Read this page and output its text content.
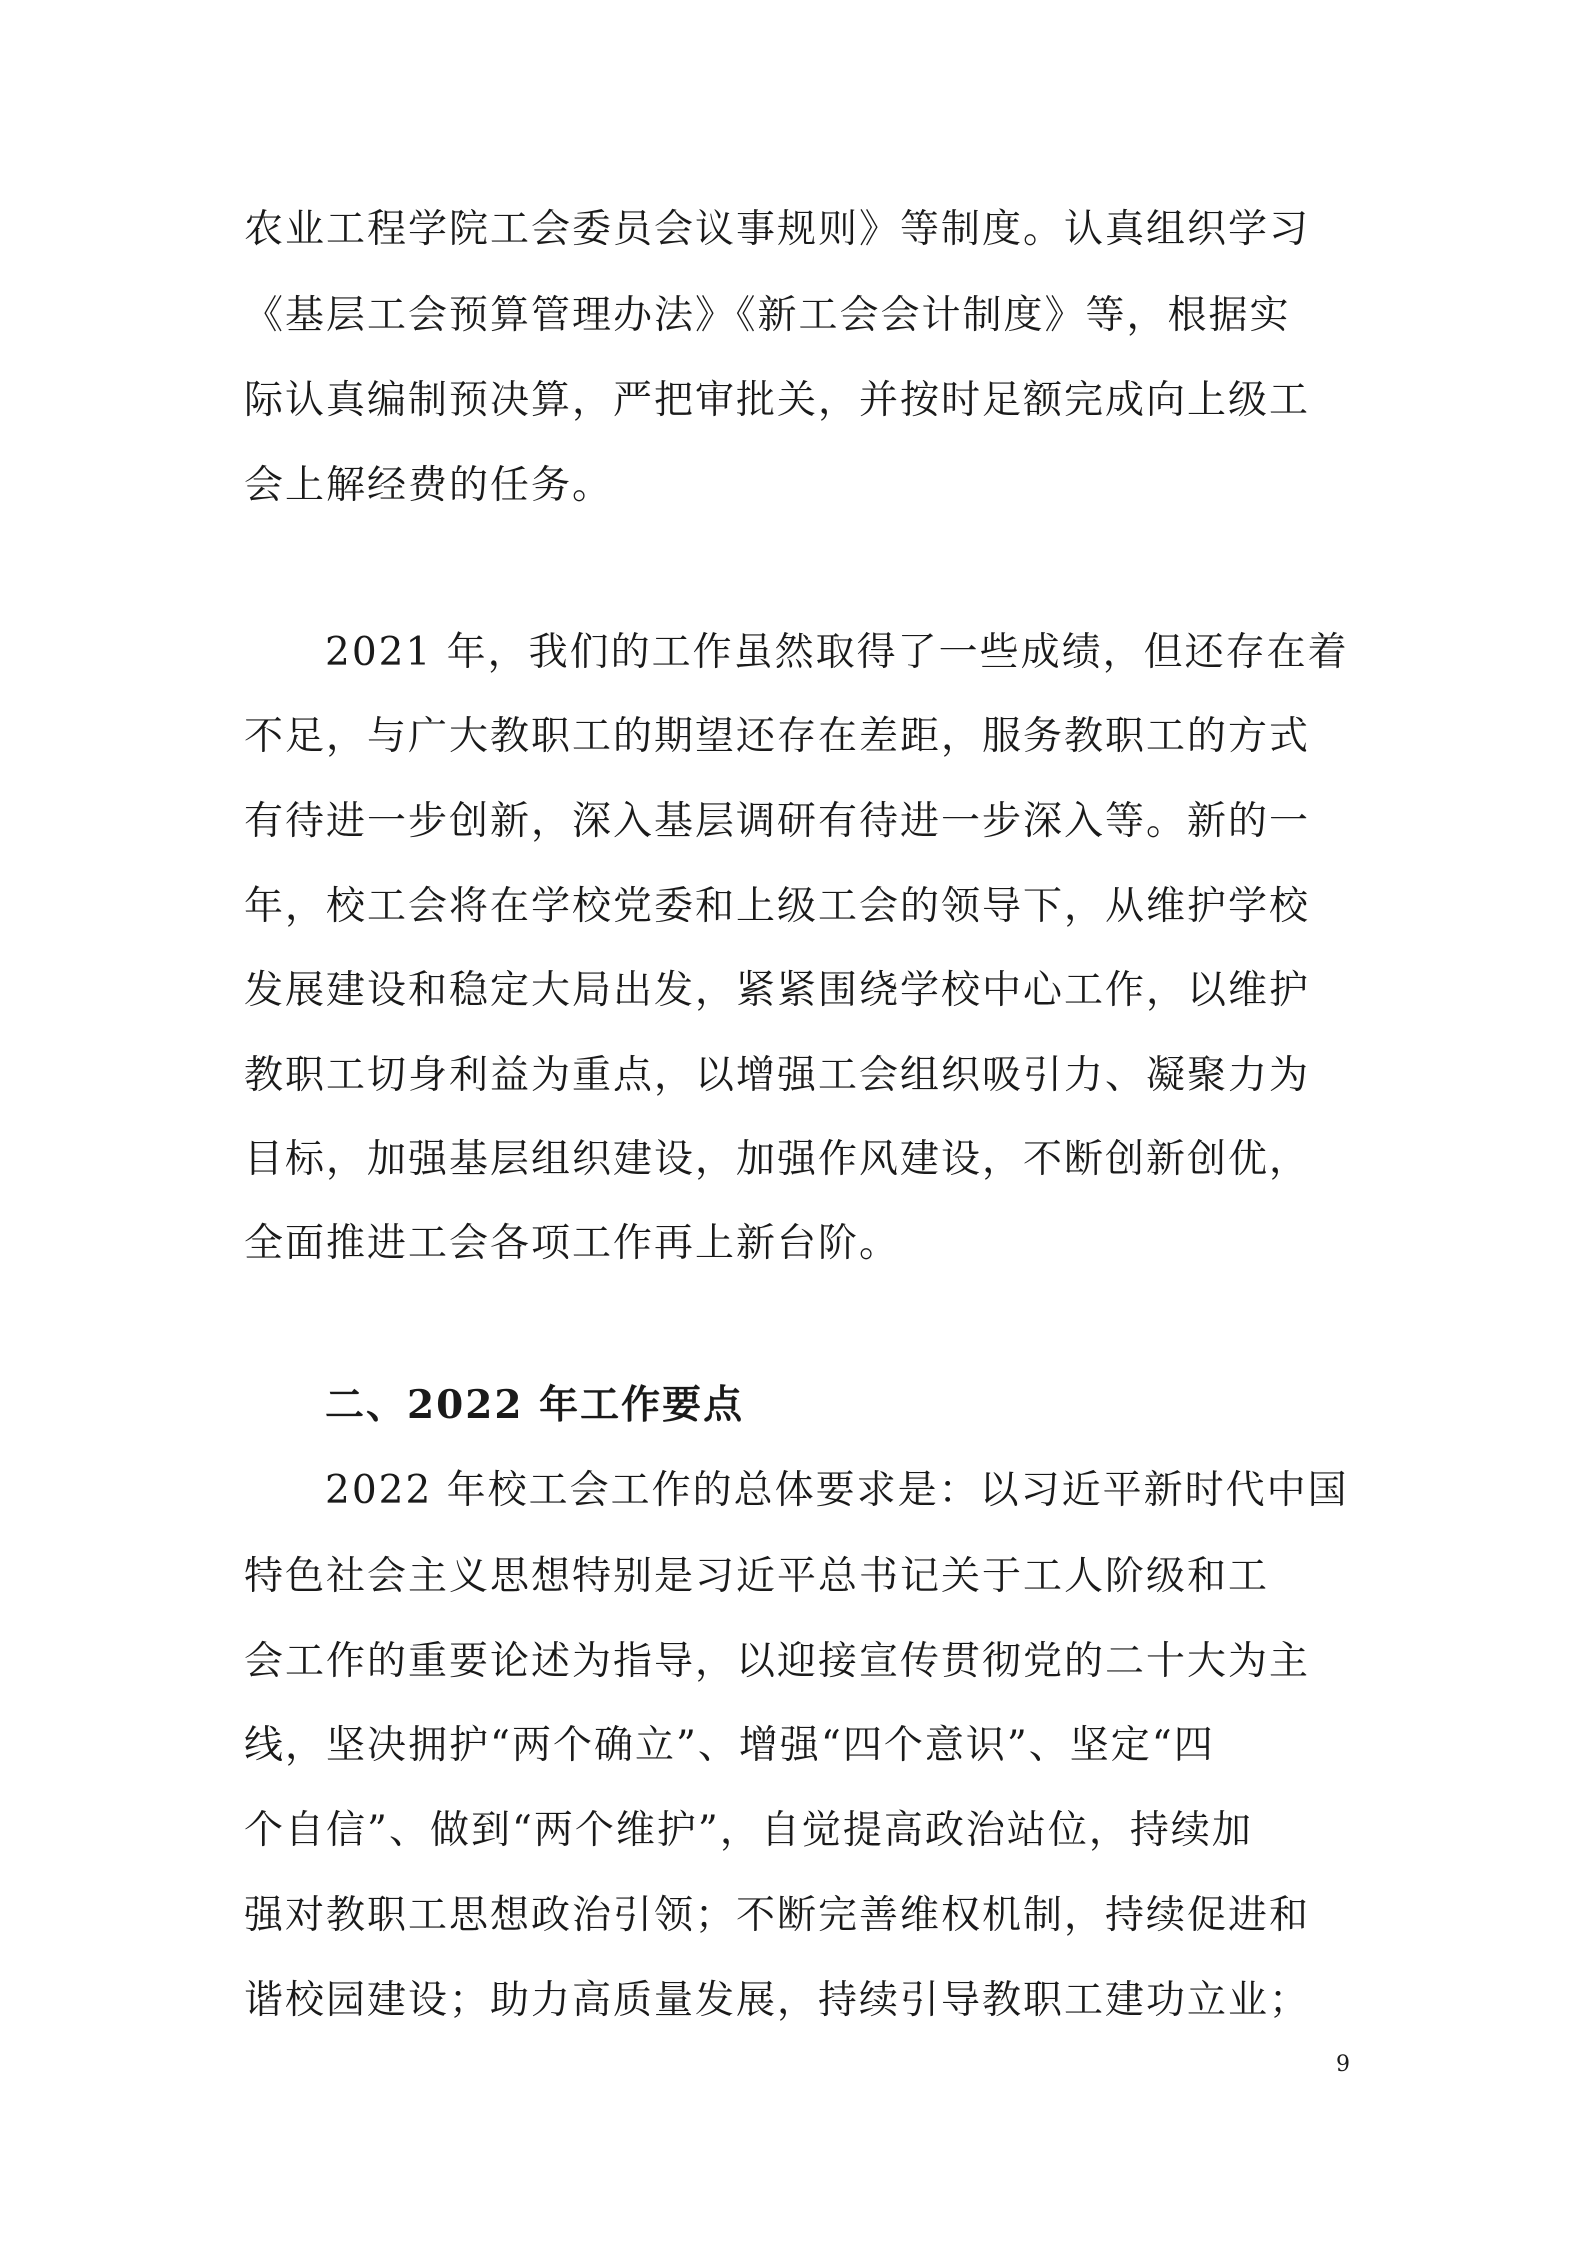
农业工程学院工会委员会议事规则》等制度。认真组织学习
《基层工会预算管理办法》《新工会会计制度》等，根据实
际认真编制预决算，严把审批关，并按时足额完成向上级工
会上解经费的任务。
2021 年，我们的工作虽然取得了一些成绩，但还存在着
不足，与广大教职工的期望还存在差距，服务教职工的方式
有待进一步创新，深入基层调研有待进一步深入等。新的一
年，校工会将在学校党委和上级工会的领导下，从维护学校
发展建设和稳定大局出发，紧紧围绕学校中心工作，以维护
教职工切身利益为重点，以增强工会组织吸引力、凝聚力为
目标，加强基层组织建设，加强作风建设，不断创新创优，
全面推进工会各项工作再上新台阶。
二、2022 年工作要点
2022 年校工会工作的总体要求是：以习近平新时代中国
特色社会主义思想特别是习近平总书记关于工人阶级和工
会工作的重要论述为指导，以迎接宣传贯彻党的二十大为主
线，坚决拥护“两个确立”、增强“四个意识”、坚定“四
个自信”、做到“两个维护”，自觉提高政治站位，持续加
强对教职工思想政治引领；不断完善维权机制，持续促进和
谐校园建设；助力高质量发展，持续引导教职工建功立业；
9
